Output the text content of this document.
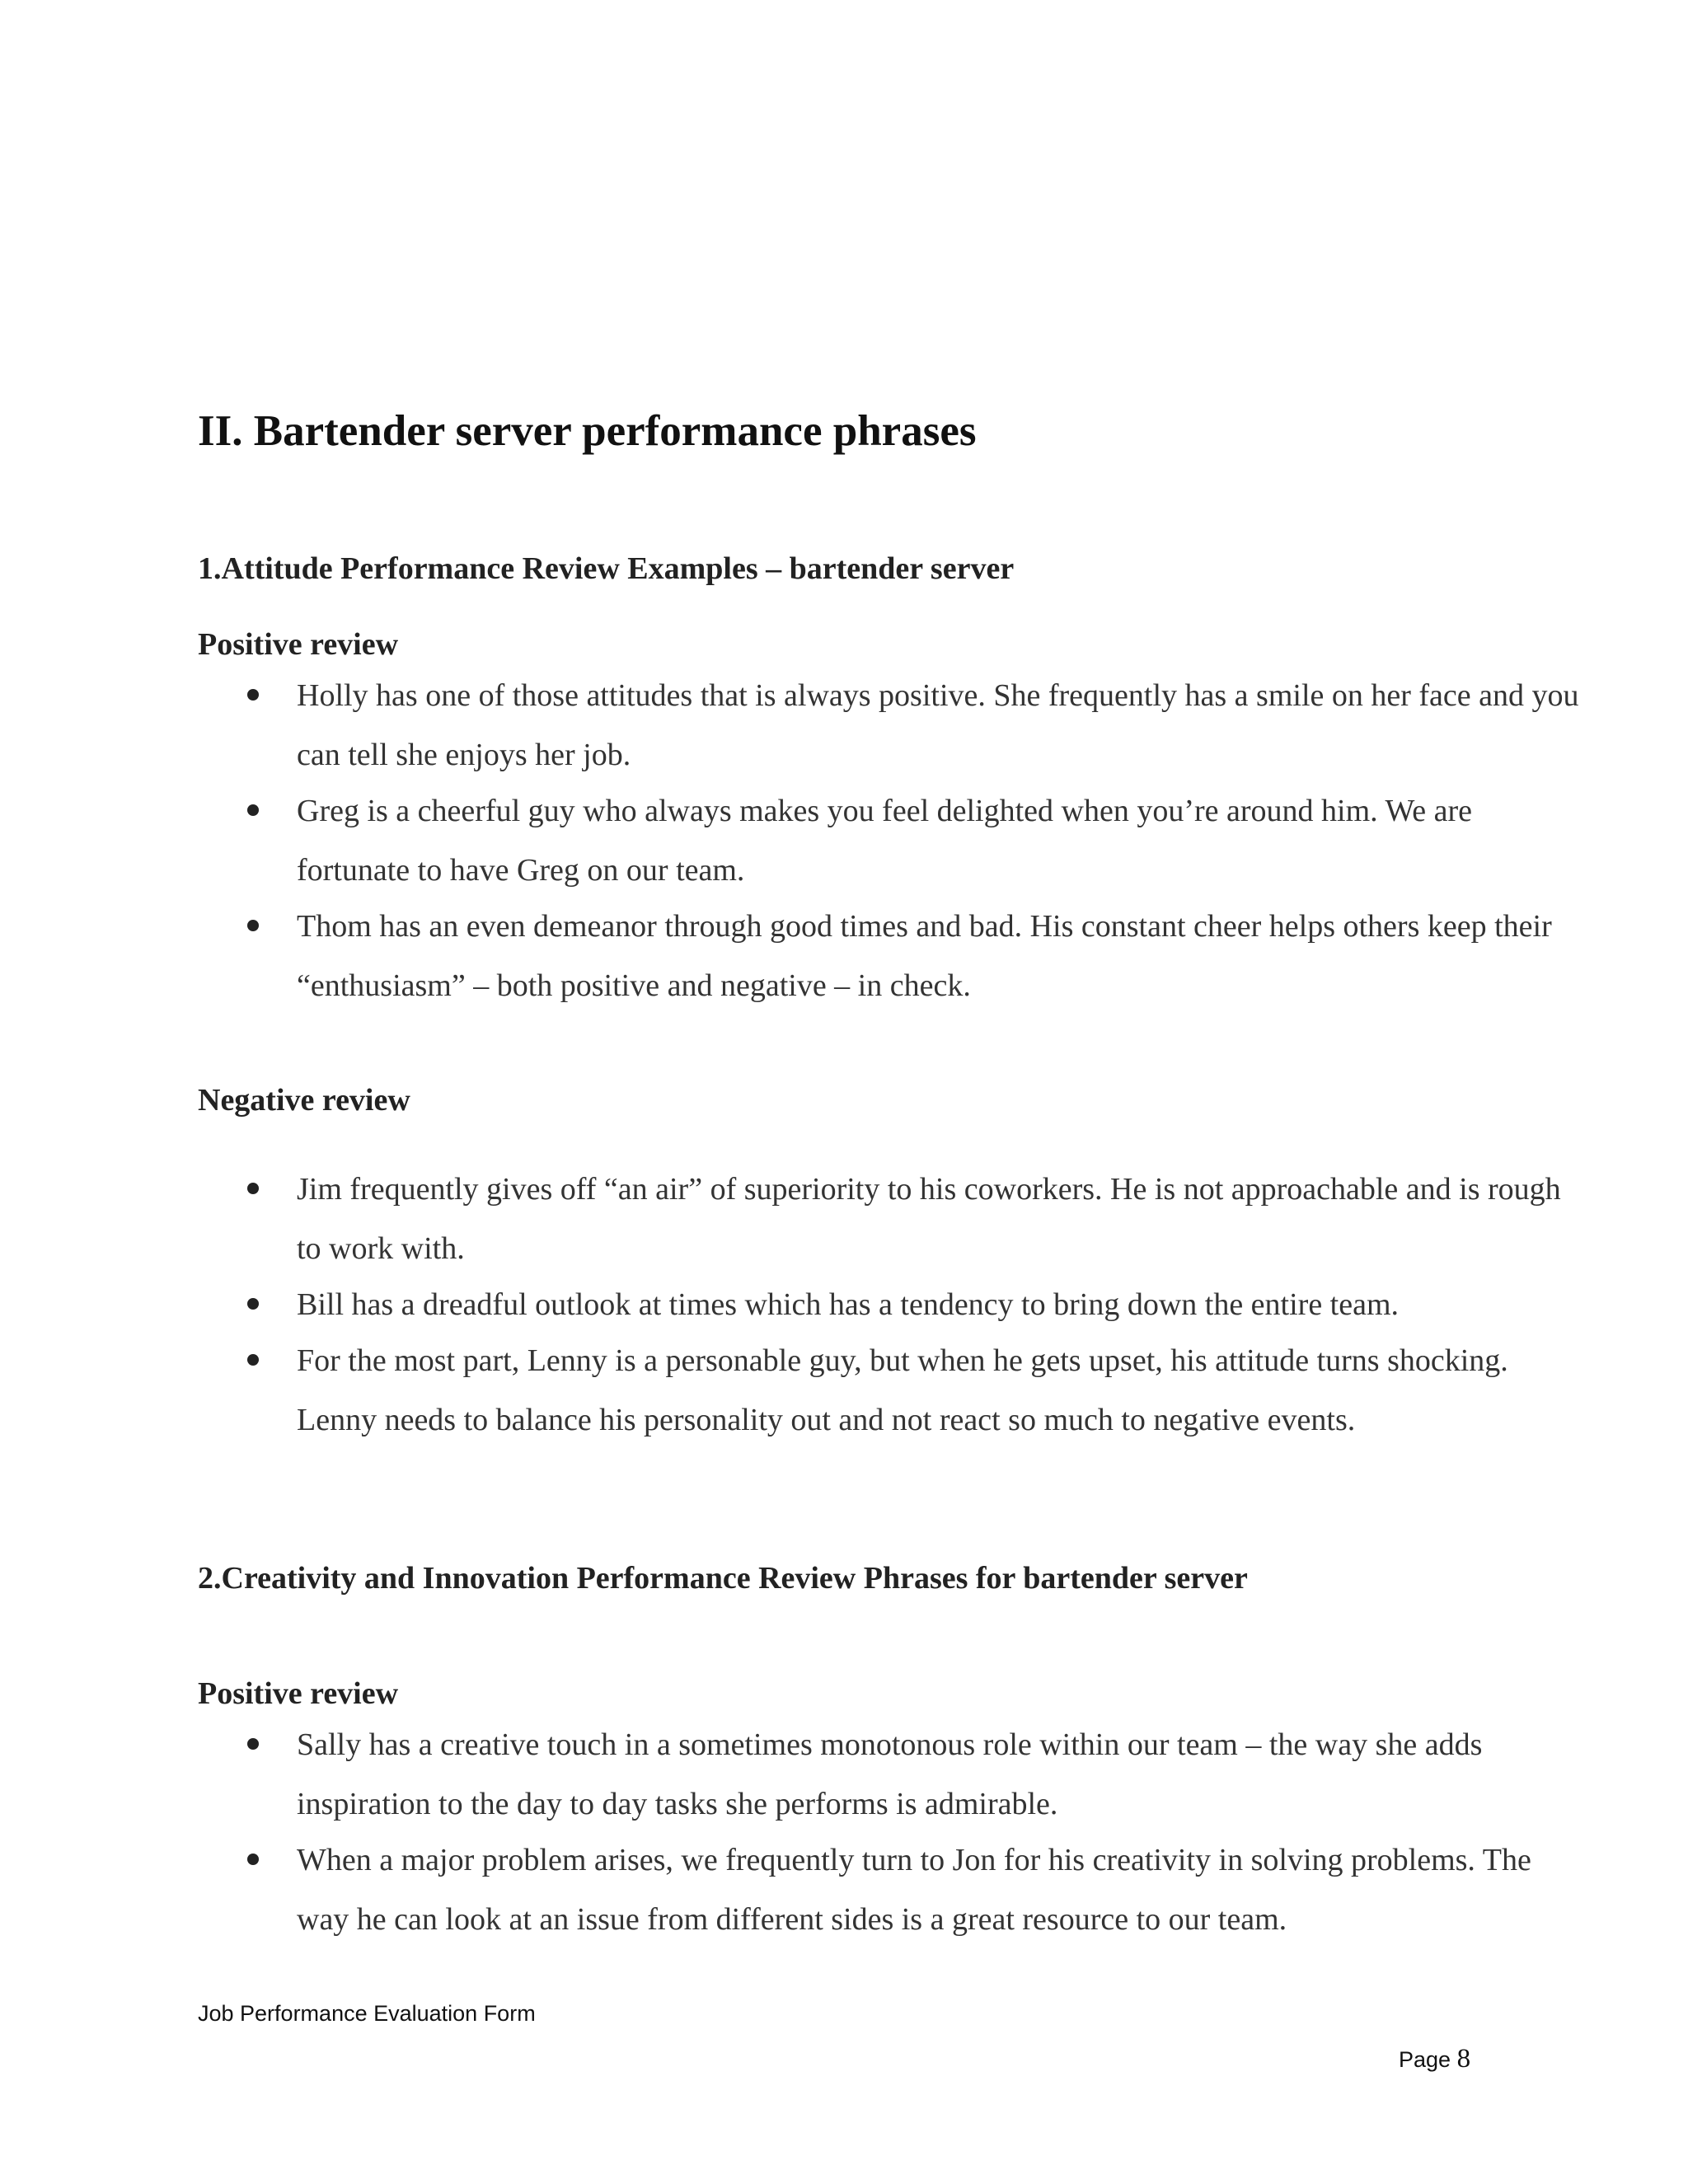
II. Bartender server performance phrases
1.Attitude Performance Review Examples – bartender server
Positive review
Holly has one of those attitudes that is always positive. She frequently has a smile on her face and you can tell she enjoys her job.
Greg is a cheerful guy who always makes you feel delighted when you’re around him. We are fortunate to have Greg on our team.
Thom has an even demeanor through good times and bad. His constant cheer helps others keep their “enthusiasm” – both positive and negative – in check.
Negative review
Jim frequently gives off “an air” of superiority to his coworkers. He is not approachable and is rough to work with.
Bill has a dreadful outlook at times which has a tendency to bring down the entire team.
For the most part, Lenny is a personable guy, but when he gets upset, his attitude turns shocking. Lenny needs to balance his personality out and not react so much to negative events.
2.Creativity and Innovation Performance Review Phrases for bartender server
Positive review
Sally has a creative touch in a sometimes monotonous role within our team – the way she adds inspiration to the day to day tasks she performs is admirable.
When a major problem arises, we frequently turn to Jon for his creativity in solving problems. The way he can look at an issue from different sides is a great resource to our team.
Job Performance Evaluation Form
Page 8
